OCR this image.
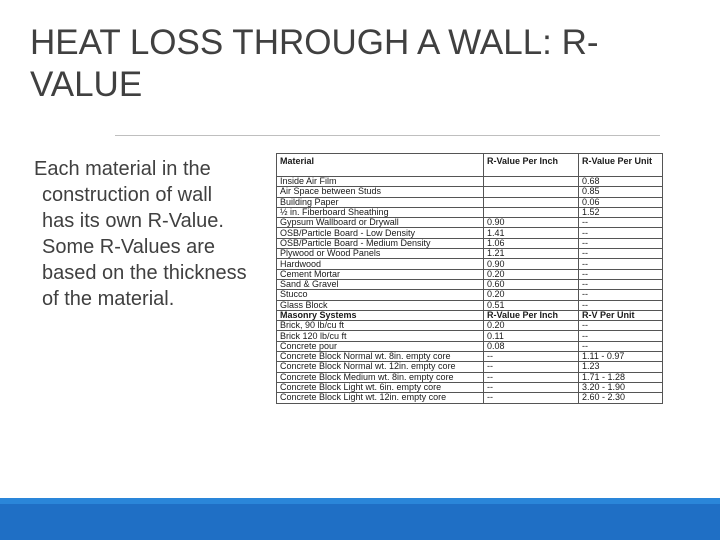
HEAT LOSS THROUGH A WALL: R-VALUE
Each material in the
construction of wall
has its own R-Value.
Some R-Values are
based on the thickness
of the material.
Material	R-Value Per Inch	R-Value Per Unit
Inside Air Film		0.68
Air Space between Studs		0.85
Building Paper		0.06
½ in. Fiberboard Sheathing		1.52
Gypsum Wallboard or Drywall	0.90	--
OSB/Particle Board - Low Density	1.41	--
OSB/Particle Board - Medium Density	1.06	--
Plywood or Wood Panels	1.21	--
Hardwood	0.90	--
Cement Mortar	0.20	--
Sand & Gravel	0.60	--
Stucco	0.20	--
Glass Block	0.51	--
Masonry Systems	R-Value Per Inch	R-V Per Unit
Brick, 90 lb/cu ft	0.20	--
Brick 120 lb/cu ft	0.11	--
Concrete pour	0.08	--
Concrete Block Normal wt. 8in. empty core	--	1.11 - 0.97
Concrete Block Normal wt. 12in. empty core	--	1.23
Concrete Block Medium wt. 8in. empty core	--	1.71 - 1.28
Concrete Block Light wt. 6in. empty core	--	3.20 - 1.90
Concrete Block Light wt. 12in. empty core	--	2.60 - 2.30
